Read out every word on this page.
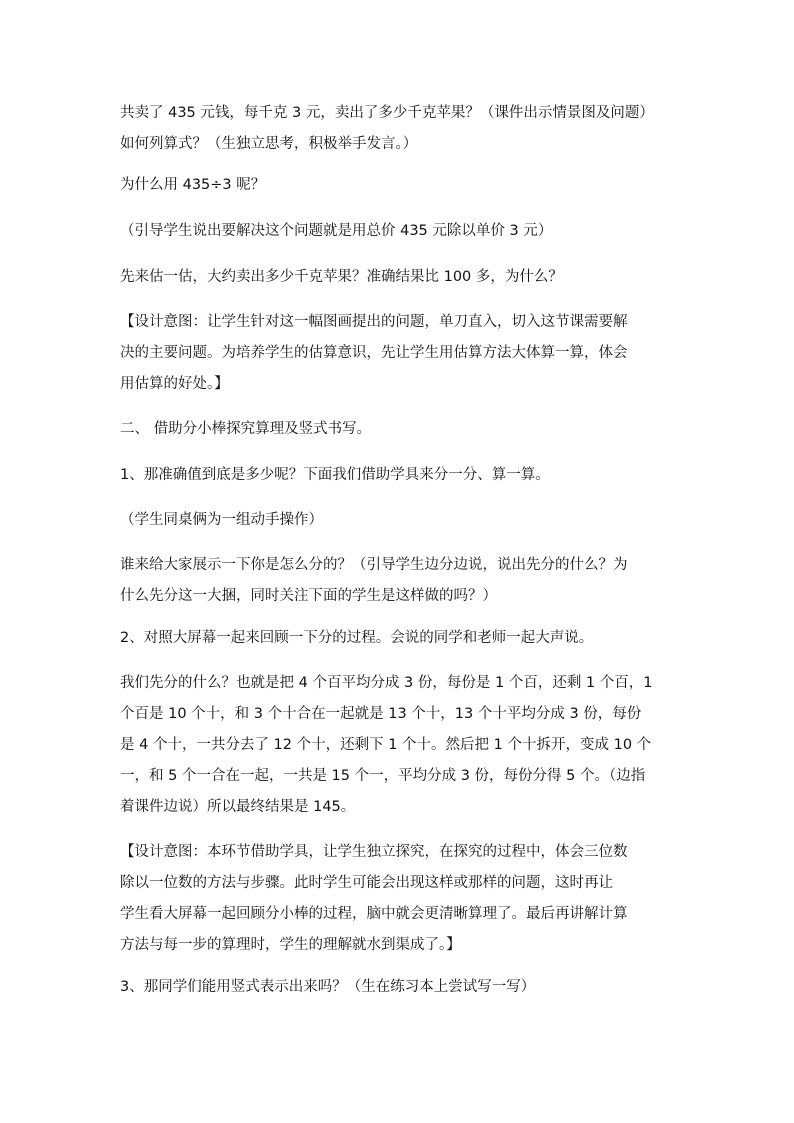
共卖了 435 元钱，每千克 3 元，卖出了多少千克苹果？（课件出示情景图及问题）
如何列算式？（生独立思考，积极举手发言。）
为什么用 435÷3 呢？
（引导学生说出要解决这个问题就是用总价 435 元除以单价 3 元）
先来估一估，大约卖出多少千克苹果？准确结果比 100 多，为什么？
【设计意图：让学生针对这一幅图画提出的问题，单刀直入，切入这节课需要解
决的主要问题。为培养学生的估算意识，先让学生用估算方法大体算一算，体会
用估算的好处。】
二、 借助分小棒探究算理及竖式书写。
1、那准确值到底是多少呢？下面我们借助学具来分一分、算一算。
（学生同桌俩为一组动手操作）
谁来给大家展示一下你是怎么分的？（引导学生边分边说，说出先分的什么？为
什么先分这一大捆，同时关注下面的学生是这样做的吗？）
2、对照大屏幕一起来回顾一下分的过程。会说的同学和老师一起大声说。
我们先分的什么？也就是把 4 个百平均分成 3 份，每份是 1 个百，还剩 1 个百，1
个百是 10 个十，和 3 个十合在一起就是 13 个十，13 个十平均分成 3 份，每份
是 4 个十，一共分去了 12 个十，还剩下 1 个十。然后把 1 个十拆开，变成 10 个
一，和 5 个一合在一起，一共是 15 个一，平均分成 3 份，每份分得 5 个。（边指
着课件边说）所以最终结果是 145。
【设计意图：本环节借助学具，让学生独立探究，在探究的过程中，体会三位数
除以一位数的方法与步骤。此时学生可能会出现这样或那样的问题，这时再让
学生看大屏幕一起回顾分小棒的过程，脑中就会更清晰算理了。最后再讲解计算
方法与每一步的算理时，学生的理解就水到渠成了。】
3、那同学们能用竖式表示出来吗？（生在练习本上尝试写一写）
